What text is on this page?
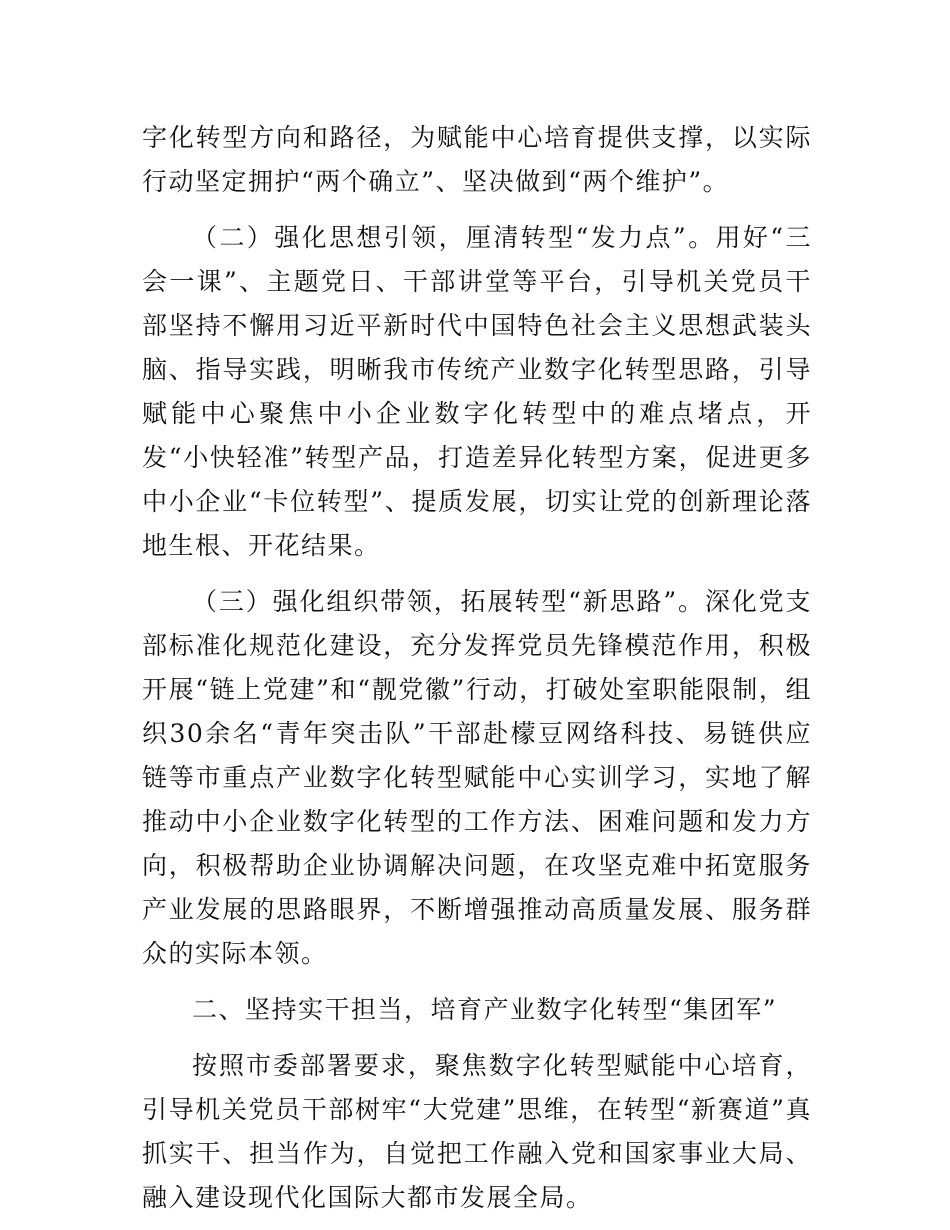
字化转型方向和路径，为赋能中心培育提供支撑，以实际行动坚定拥护“两个确立”、坚决做到“两个维护”。

（二）强化思想引领，厘清转型“发力点”。用好“三会一课”、主题党日、干部讲堂等平台，引导机关党员干部坚持不懈用习近平新时代中国特色社会主义思想武装头脑、指导实践，明晰我市传统产业数字化转型思路，引导赋能中心聚焦中小企业数字化转型中的难点堵点，开发“小快轻准”转型产品，打造差异化转型方案，促进更多中小企业“卡位转型”、提质发展，切实让党的创新理论落地生根、开花结果。

（三）强化组织带领，拓展转型“新思路”。深化党支部标准化规范化建设，充分发挥党员先锋模范作用，积极开展“链上党建”和“靓党徽”行动，打破处室职能限制，组织30余名“青年突击队”干部赴檬豆网络科技、易链供应链等市重点产业数字化转型赋能中心实训学习，实地了解推动中小企业数字化转型的工作方法、困难问题和发力方向，积极帮助企业协调解决问题，在攻坚克难中拓宽服务产业发展的思路眼界，不断增强推动高质量发展、服务群众的实际本领。

二、坚持实干担当，培育产业数字化转型“集团军”

按照市委部署要求，聚焦数字化转型赋能中心培育，引导机关党员干部树牢“大党建”思维，在转型“新赛道”真抓实干、担当作为，自觉把工作融入党和国家事业大局、融入建设现代化国际大都市发展全局。
